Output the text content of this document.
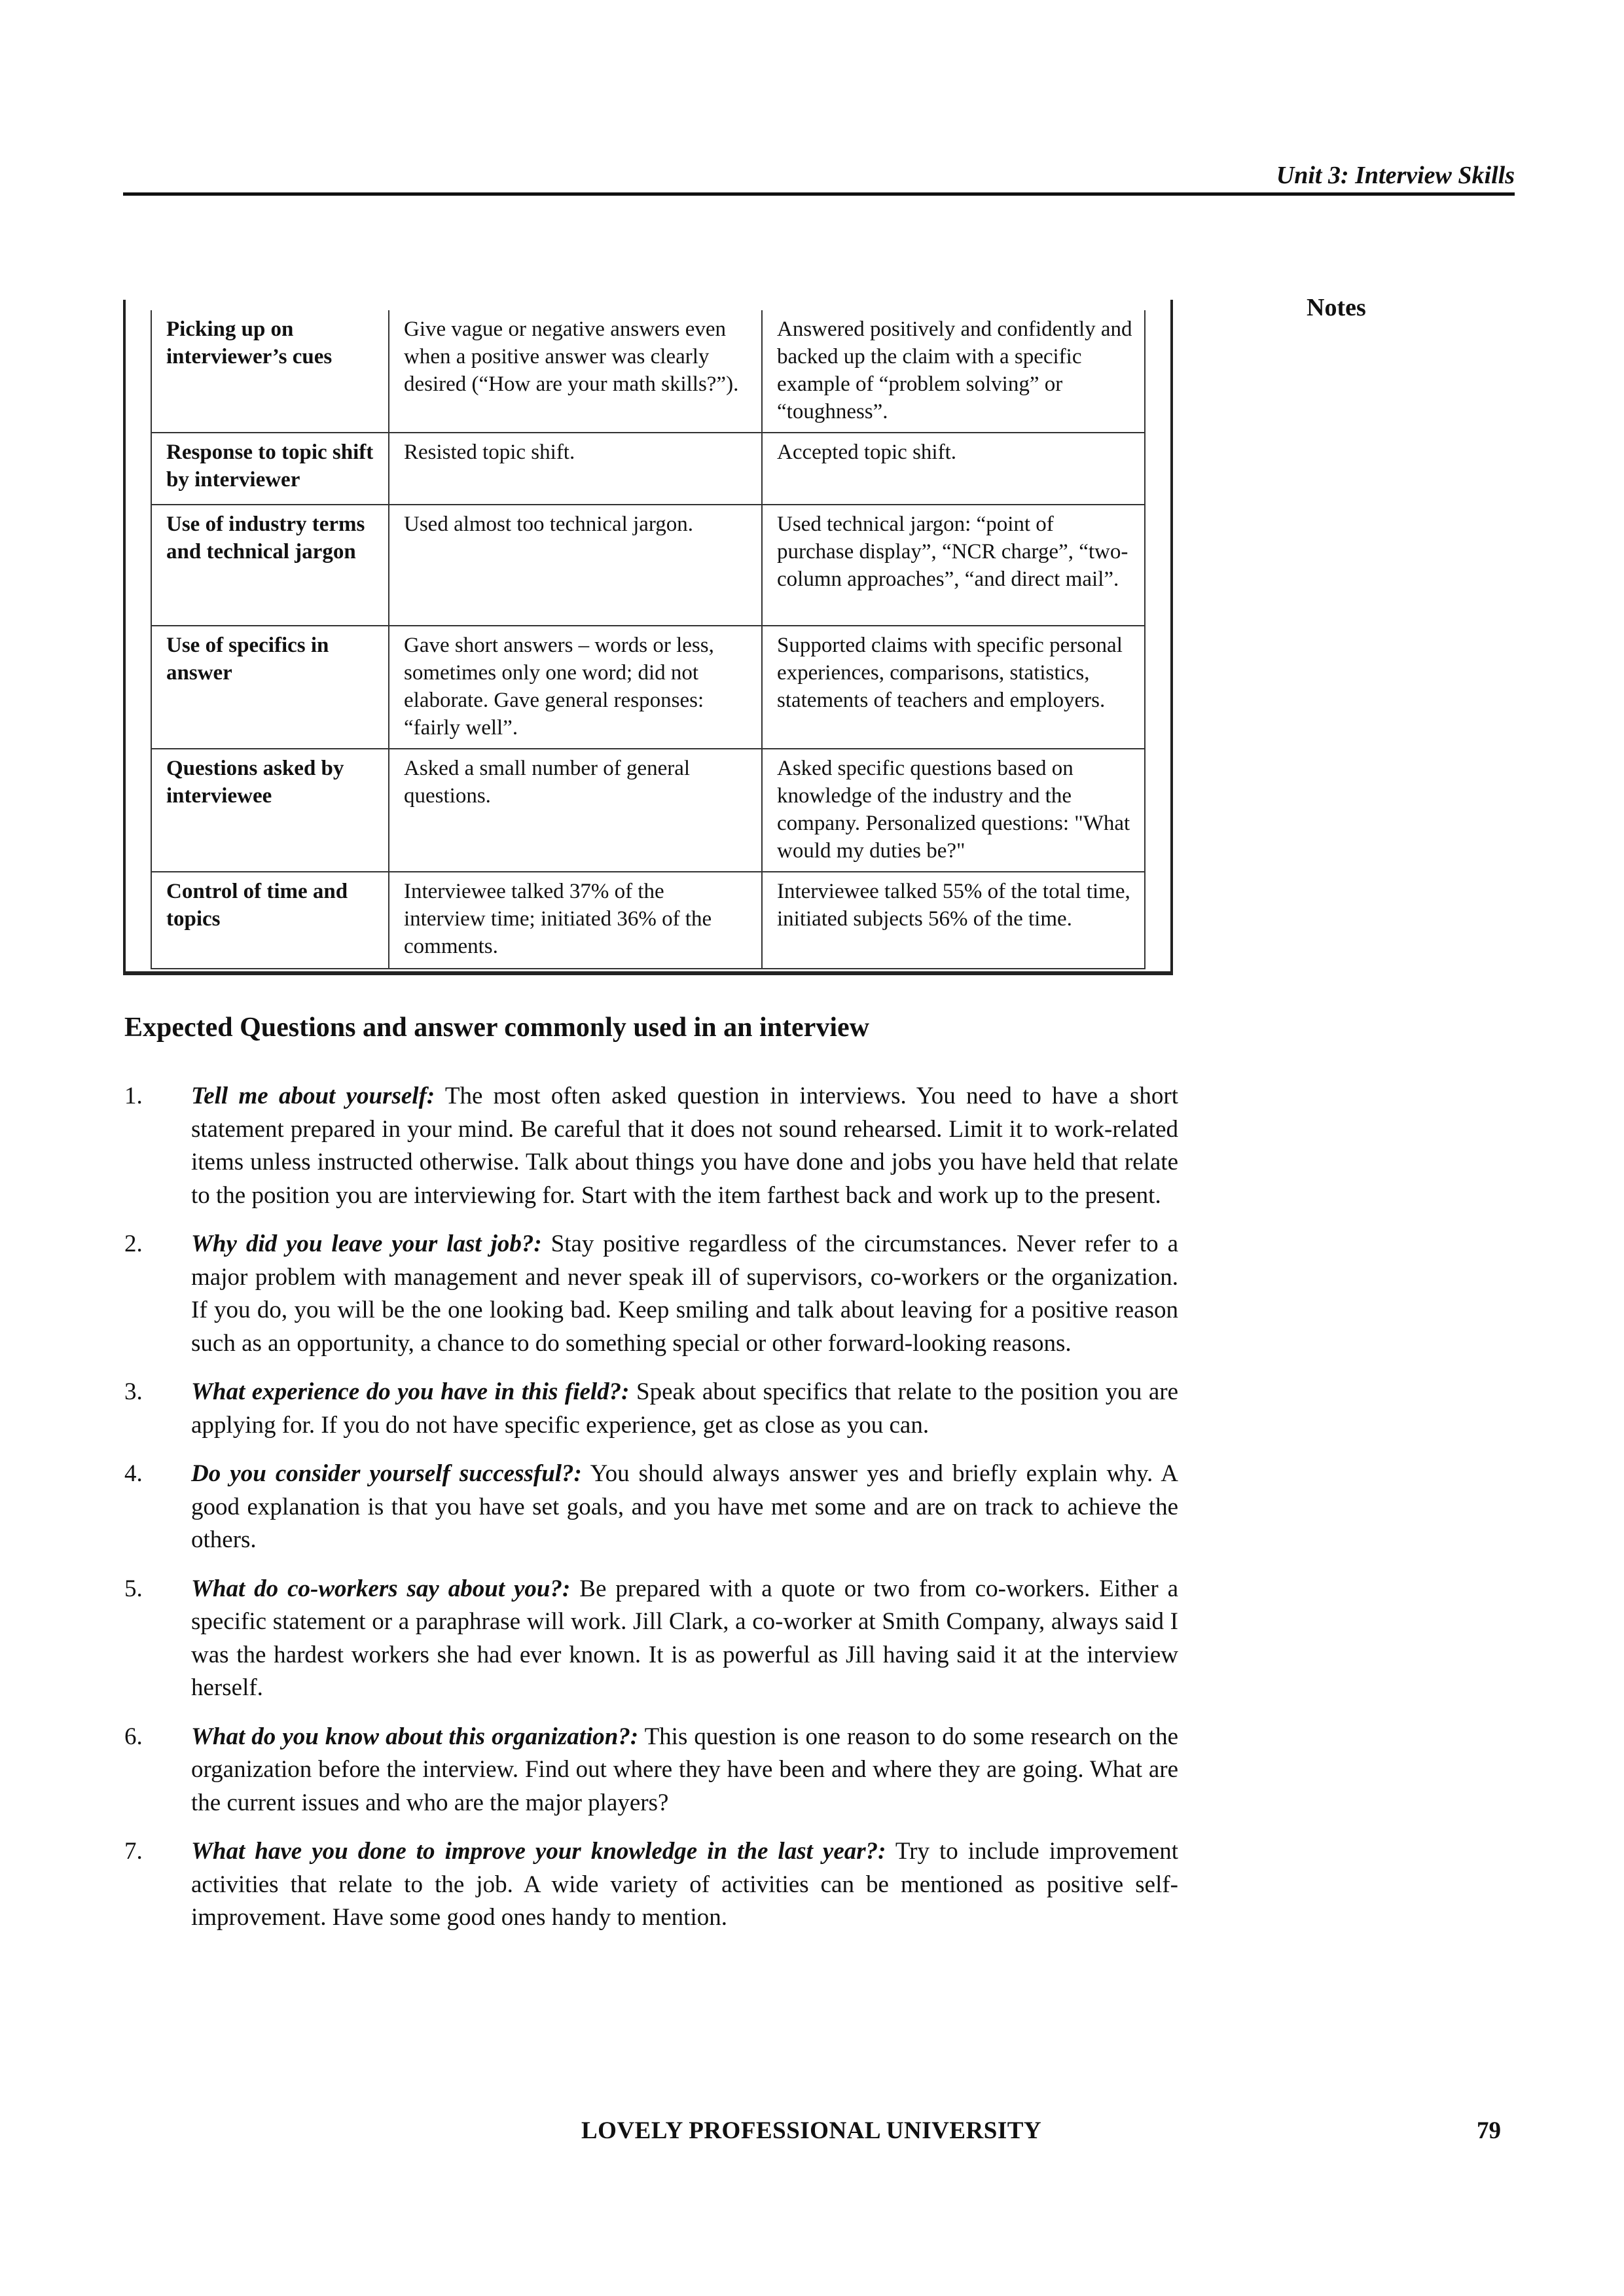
Unit 3: Interview Skills
Notes
Picking up on interviewer’s cues	Give vague or negative answers even when a positive answer was clearly desired (“How are your math skills?”).	Answered positively and confidently and backed up the claim with a specific example of “problem solving” or “toughness”.
Response to topic shift by interviewer	Resisted topic shift.	Accepted topic shift.
Use of industry terms and technical jargon	Used almost too technical jargon.	Used technical jargon: “point of purchase display”, “NCR charge”, “two-column approaches”, “and direct mail”.
Use of specifics in answer	Gave short answers – words or less, sometimes only one word; did not elaborate. Gave general responses: “fairly well”.	Supported claims with specific personal experiences, comparisons, statistics, statements of teachers and employers.
Questions asked by interviewee	Asked a small number of general questions.	Asked specific questions based on knowledge of the industry and the company. Personalized questions: "What would my duties be?"
Control of time and topics	Interviewee talked 37% of the interview time; initiated 36% of the comments.	Interviewee talked 55% of the total time, initiated subjects 56% of the time.
Expected Questions and answer commonly used in an interview
1. Tell me about yourself: The most often asked question in interviews. You need to have a short statement prepared in your mind. Be careful that it does not sound rehearsed. Limit it to work-related items unless instructed otherwise. Talk about things you have done and jobs you have held that relate to the position you are interviewing for. Start with the item farthest back and work up to the present.
2. Why did you leave your last job?: Stay positive regardless of the circumstances. Never refer to a major problem with management and never speak ill of supervisors, co-workers or the organization. If you do, you will be the one looking bad. Keep smiling and talk about leaving for a positive reason such as an opportunity, a chance to do something special or other forward-looking reasons.
3. What experience do you have in this field?: Speak about specifics that relate to the position you are applying for. If you do not have specific experience, get as close as you can.
4. Do you consider yourself successful?: You should always answer yes and briefly explain why. A good explanation is that you have set goals, and you have met some and are on track to achieve the others.
5. What do co-workers say about you?: Be prepared with a quote or two from co-workers. Either a specific statement or a paraphrase will work. Jill Clark, a co-worker at Smith Company, always said I was the hardest workers she had ever known. It is as powerful as Jill having said it at the interview herself.
6. What do you know about this organization?: This question is one reason to do some research on the organization before the interview. Find out where they have been and where they are going. What are the current issues and who are the major players?
7. What have you done to improve your knowledge in the last year?: Try to include improvement activities that relate to the job. A wide variety of activities can be mentioned as positive self-improvement. Have some good ones handy to mention.
LOVELY PROFESSIONAL UNIVERSITY	79
